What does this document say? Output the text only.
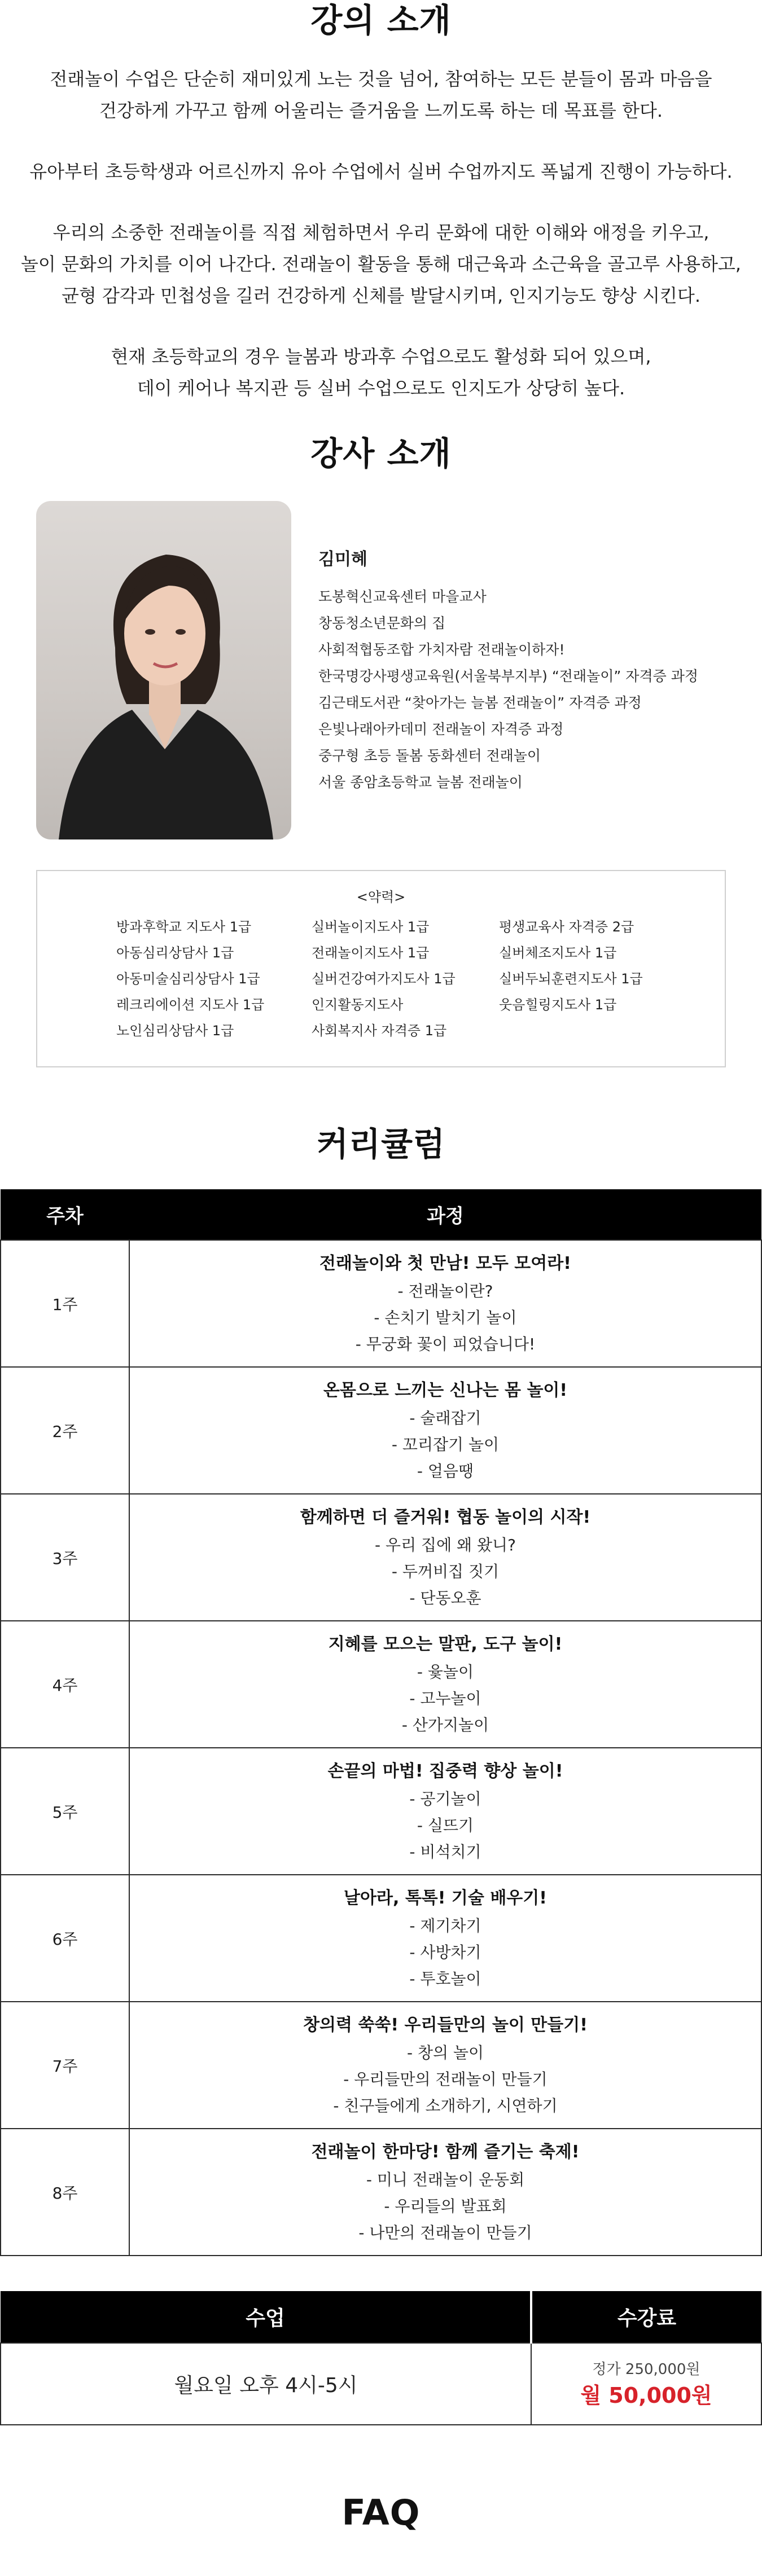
강의 소개

전래놀이 수업은 단순히 재미있게 노는 것을 넘어, 참여하는 모든 분들이 몸과 마음을
건강하게 가꾸고 함께 어울리는 즐거움을 느끼도록 하는 데 목표를 한다.

유아부터 초등학생과 어르신까지 유아 수업에서 실버 수업까지도 폭넓게 진행이 가능하다.

우리의 소중한 전래놀이를 직접 체험하면서 우리 문화에 대한 이해와 애정을 키우고,
놀이 문화의 가치를 이어 나간다. 전래놀이 활동을 통해 대근육과 소근육을 골고루 사용하고,
균형 감각과 민첩성을 길러 건강하게 신체를 발달시키며, 인지기능도 향상 시킨다.

현재 초등학교의 경우 늘봄과 방과후 수업으로도 활성화 되어 있으며,
데이 케어나 복지관 등 실버 수업으로도 인지도가 상당히 높다.

강사 소개
김미혜
도봉혁신교육센터 마을교사
창동청소년문화의 집
사회적협동조합 가치자람 전래놀이하자!
한국명강사평생교육원(서울북부지부) “전래놀이” 자격증 과정
김근태도서관 “찾아가는 늘봄 전래놀이” 자격증 과정
은빛나래아카데미 전래놀이 자격증 과정
중구형 초등 돌봄 동화센터 전래놀이
서울 종암초등학교 늘봄 전래놀이
<약력>
방과후학교 지도사 1급	실버놀이지도사 1급	평생교육사 자격증 2급
아동심리상담사 1급	전래놀이지도사 1급	실버체조지도사 1급
아동미술심리상담사 1급	실버건강여가지도사 1급	실버두뇌훈련지도사 1급
레크리에이션 지도사 1급	인지활동지도사	웃음힐링지도사 1급
노인심리상담사 1급	사회복지사 자격증 1급
커리큘럼
주차	과정
1주	전래놀이와 첫 만남! 모두 모여라!
- 전래놀이란?
- 손치기 발치기 놀이
- 무궁화 꽃이 피었습니다!

2주	온몸으로 느끼는 신나는 몸 놀이!
- 술래잡기
- 꼬리잡기 놀이
- 얼음땡

3주	함께하면 더 즐거워! 협동 놀이의 시작!
- 우리 집에 왜 왔니?
- 두꺼비집 짓기
- 단동오훈

4주	지혜를 모으는 말판, 도구 놀이!
- 윷놀이
- 고누놀이
- 산가지놀이

5주	손끝의 마법! 집중력 향상 놀이!
- 공기놀이
- 실뜨기
- 비석치기

6주	날아라, 톡톡! 기술 배우기!
- 제기차기
- 사방차기
- 투호놀이

7주	창의력 쑥쑥! 우리들만의 놀이 만들기!
- 창의 놀이
- 우리들만의 전래놀이 만들기
- 친구들에게 소개하기, 시연하기

8주	전래놀이 한마당! 함께 즐기는 축제!
- 미니 전래놀이 운동회
- 우리들의 발표회
- 나만의 전래놀이 만들기
수업	수강료
월요일 오후 4시-5시	정가 250,000원
월 50,000원
FAQ
